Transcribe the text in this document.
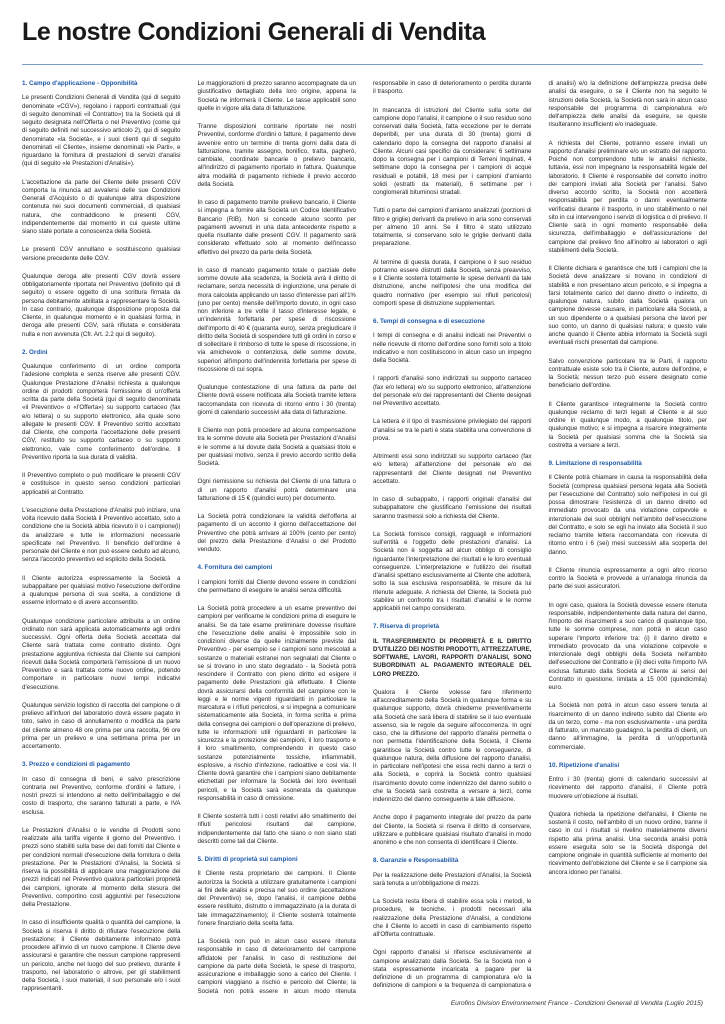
Le nostre Condizioni Generali di Vendita
1. Campo d'applicazione - Opponibilità

Le presenti Condizioni Generali di Vendita (qui di seguito denominate «CGV»), regolano i rapporti contrattuali (qui di seguito denominati «il Contratto») tra la Società qui di seguito designata nell'Offerta o nel Preventivo (come qui di seguito definiti nel successivo articolo 2), qui di seguito denominate «la Società», e i suoi clienti qui di seguito denominati «il Cliente», insieme denominati «le Parti», e riguardano la fornitura di prestazioni di servizi d'analisi (qui di seguito «le Prestazioni d'Analisi»).

L'accettazione da parte del Cliente delle presenti CGV comporta la rinuncia ad avvalersi delle sue Condizioni Generali d'Acquisto o di qualunque altra disposizione contenuta nei suoi documenti commerciali, di qualsiasi natura, che contraddicono le presenti CGV, indipendentemente dal momento in cui queste ultime siano state portate a conoscenza della Società.

Le presenti CGV annullano e sostituiscono qualsiasi versione precedente delle CGV.

Qualunque deroga alle presenti CGV dovrà essere obbligatoriamente riportata nel Preventivo (definito qui di seguito) o essere oggetto di una scrittura firmata da persona debitamente abilitata a rappresentare la Società. In caso contrario, qualunque disposizione proposta dal Cliente, in qualunque momento e in qualsiasi forma, in deroga alle presenti CGV, sarà rifiutata e considerata nulla e non avvenuta (Cfr. Art. 2.2 qui di seguito).

2. Ordini

Qualunque conferimento di un ordine comporta l'adesione completa e senza riserve alle presenti CGV. Qualunque Prestazione d'Analisi richiesta a qualunque ordine di prodotti comporterà l'emissione di un'offerta scritta da parte della Società (qui di seguito denominata «il Preventivo» o «l'Offerta») su supporto cartaceo (fax e/o lettera) o su supporto elettronico, alla quale sono allegate le presenti CGV. Il Preventivo scritto accettato dal Cliente, che comporta l'accettazione delle presenti CGV, restituito su supporto cartaceo o su supporto elettronico, vale come conferimento dell'ordine. Il Preventivo riporta la sua durata di validità.

Il Preventivo completo o può modificare le presenti CGV e costituisce in questo senso condizioni particolari applicabili al Contratto.

L'esecuzione della Prestazione d'Analisi può iniziare, una volta ricevuto dalla Società il Preventivo accettato, solo a condizione che la Società abbia ricevuto il o i campione(i) da analizzare e tutte le informazioni necessarie specificate nel Preventivo. Il beneficio dell'ordine è personale del Cliente e non può essere ceduto ad alcuno, senza l'accordo preventivo ed esplicito della Società.

Il Cliente autorizza espressamente la Società a subappaltare per qualsiasi motivo l'esecuzione dell'ordine a qualunque persona di sua scelta, a condizione di esserne informato e di avere acconsentito.

Qualunque condizione particolare attribuita a un ordine ordinato non sarà applicata automaticamente agli ordini successivi. Ogni offerta della Società accettata dal Cliente sarà trattata come contratto distinto. Ogni prestazione aggiuntiva richiesta dal Cliente sui campioni ricevuti dalla Società comporterà l'emissione di un nuovo Preventivo e sarà trattata come nuovo ordine, potendo comportare in particolare nuovi tempi indicativi d'esecuzione.

Qualunque servizio logistico di raccolta del campione o di prelievo all'infuori del laboratorio dovrà essere pagato in toto, salvo in caso di annullamento o modifica da parte del cliente almeno 48 ore prima per una raccolta, 96 ore prima per un prelievo e una settimana prima per un accertamento.

3. Prezzo e condizioni di pagamento

In caso di consegna di beni, e salvo prescrizione contraria nel Preventivo, conforme d'ordini e fatture, i nostri prezzi si intendono al netto dell'imballaggio e del costo di trasporto, che saranno fatturati a parte, e IVA esclusa.

Le Prestazioni d'Analisi o le vendite di Prodotti sono realizzate alla tariffa vigente il giorno del Preventivo. I prezzi sono stabiliti sulla base dei dati forniti dal Cliente e per condizioni normali d'esecuzione della fornitura o della prestazione. Per le Prestazioni d'Analisi, la Società si riserva la possibilità di applicare una maggiorazione dei prezzi indicati nel Preventivo qualora particolari proprietà dei campioni, ignorate al momento della stesura del Preventivo, comportino costi aggiuntivi per l'esecuzione della Prestazione.

In caso di insufficiente qualità o quantità del campione, la Società si riserva il diritto di rifiutare l'esecuzione della prestazione; il Cliente debitamente informato potrà procedere all'invio di un nuovo campione. Il Cliente deve assicurarsi e garantire che nessun campione rappresenti un pericolo, anche nel luogo del suo prelievo, durante il trasporto, nel laboratorio o altrove, per gli stabilimenti della Società, i suoi materiali, il suo personale e/o i suoi rappresentanti.

Le maggiorazioni di prezzo saranno accompagnate da un giustificativo dettagliato della loro origine, appena la Società ne informerà il Cliente. Le tasse applicabili sono quelle in vigore alla data di fatturazione.

Tranne disposizioni contrarie riportate nei nostri Preventivi, conforme d'ordini o fatture, il pagamento deve avvenire entro un termine di trenta giorni dalla data di fatturazione, tramite assegno, bonifico, tratta, pagherò, cambiale, coordinate bancarie o prelievo bancario, all'indirizzo di pagamento riportato in fattura. Qualunque altra modalità di pagamento richiede il previo accordo della Società.

In caso di pagamento tramite prelievo bancario, il Cliente si impegna a fornire alla Società un Codice Identificativo Bancario (RIB). Non si concede alcuno sconto per pagamenti avvenuti in una data antecedente rispetto a quella risultante dalle presenti CGV. Il pagamento sarà considerato effettuato solo al momento dell'incasso effettivo del prezzo da parte della Società.

In caso di mancato pagamento totale o parziale delle somme dovute alla scadenza, la Società avrà il diritto di reclamare, senza necessità di ingiunzione, una penale di mora calcolata applicando un tasso d'interesse pari all'1% (uno per cento) mensile dell'importo dovuto, in ogni caso non inferiore a tre volte il tasso d'interesse legale, e un'indennità forfettaria per spese di riscossione dell'importo di 40 € (quaranta euro), senza pregiudicare il diritto della Società di sospendere tutti gli ordini in corso e di sollecitare il rimborso di tutte le spese di riscossione, in via amichevole o contenziosa, delle somme dovute, superiori all'importo dell'indennità forfettaria per spese di riscossione di cui sopra.

Qualunque contestazione di una fattura da parte del Cliente dovrà essere notificata alla Società tramite lettera raccomandata con ricevuta di ritorno entro i 30 (trenta) giorni di calendario successivi alla data di fatturazione.

Il Cliente non potrà procedere ad alcuna compensazione tra le somme dovute alla Società per Prestazioni d'Analisi e le somme a lui dovute dalla Società a qualsiasi titolo e per qualsiasi motivo, senza il previo accordo scritto della Società.

Ogni riemissione su richiesta del Cliente di una fattura o di un rapporto d'analisi potrà determinare una fatturazione di 15 € (quindici euro) per documento.

La Società potrà condizionare la validità dell'offerta al pagamento di un acconto il giorno dell'accettazione del Preventivo che potrà arrivare al 100% (cento per cento) del prezzo della Prestazione d'Analisi o del Prodotto venduto.

4. Fornitura dei campioni

I campioni forniti dal Cliente devono essere in condizioni che permettano di eseguire le analisi senza difficoltà.

La Società potrà procedere a un esame preventivo dei campioni per verificarne le condizioni prima di eseguire le analisi. Se da tale esame preliminare dovesse risultare che l'esecuzione delle analisi è impossibile solo in condizioni diverse da quelle inizialmente previste dal Preventivo - per esempio se i campioni sono mescolati a sostanze o materiali estranei non segnalati dal Cliente o se si trovano in uno stato degradato - la Società potrà rescindere il Contratto con pieno diritto ed esigere il pagamento delle Prestazioni già effettuate. Il Cliente dovrà assicurarsi della conformità del campione con le leggi e le norme vigenti riguardanti in particolare la marcatura e i rifiuti pericolosi, e si impegna a comunicare sistematicamente alla Società, in forma scritta e prima della consegna dei campioni o dell'operazione di prelievo, tutte le informazioni utili riguardanti in particolare la sicurezza e la protezione dei campioni, il loro trasporto e il loro smaltimento, comprendendo in questo caso sostanze potenzialmente tossiche, infiammabili, esplosive, a rischio d'infezione, radioattive e così via. Il Cliente dovrà garantire che i campioni siano debitamente etichettati per informare la Società dei loro eventuali pericoli, e la Società sarà esonerata da qualunque responsabilità in caso di omissione.

Il Cliente sosterrà tutti i costi relativi allo smaltimento dei rifiuti pericolosi risultanti dal campione, indipendentemente dal fatto che siano o non siano stati descritti come tali dal Cliente.

5. Diritti di proprietà sui campioni

Il Cliente resta proprietario dei campioni. Il Cliente autorizza la Società a utilizzare gratuitamente i campioni ai fini delle analisi e precisa nel suo ordine (accettazione del Preventivo) se, dopo l'analisi, il campione debba essere restituito, distrutto o immagazzinato (a la durata di tale immagazzinamento); il Cliente sosterrà totalmente l'onere finanziario della scelta fatta.

La Società non può in alcun caso essere ritenuta responsabile in caso di deterioramento del campione affidatole per l'analisi. In caso di restituzione del campione da parte della Società, le spese di trasporto, assicurazione e imballaggio sono a carico del Cliente. I campioni viaggiano a rischio e pericolo del Cliente; la Società non potrà essere in alcun modo ritenuta responsabile in caso di deterioramento o perdita durante il trasporto.

In mancanza di istruzioni del Cliente sulla sorte del campione dopo l'analisi, il campione o il suo residuo sono conservati dalla Società, fatta eccezione per le derrate deperibili, per una durata di 30 (trenta) giorni di calendario dopo la consegna del rapporto d'analisi al Cliente. Alcuni casi specifici da considerare: 6 settimane dopo la consegna per i campioni di Terreni Inquinati, 4 settimane dopo la consegna per i campioni di acque residuali e potabili, 18 mesi per i campioni d'amianto solidi (estratti da materiali), 6 settimane per i conglomerati bituminosi stradali.

Tutti o parte dei campioni d'amianto analizzati (porzioni di filtro e griglie) derivanti da prelievo in aria sono conservati per almeno 10 anni. Se il filtro è stato utilizzato totalmente, si conservano solo le griglie derivanti dalla preparazione.

Al termine di questa durata, il campione o il suo residuo potranno essere distrutti dalla Società, senza preavviso, e il Cliente sosterrà totalmente le spese derivanti da tale distruzione, anche nell'ipotesi che una modifica del quadro normativo (per esempio sui rifiuti pericolosi) comporti spese di distruzione supplementari.

6. Tempi di consegna e di esecuzione

I tempi di consegna e di analisi indicati nei Preventivi o nelle ricevute di ritorno dell'ordine sono forniti solo a titolo indicativo e non costituiscono in alcun caso un impegno della Società.

I rapporti d'analisi sono indirizzati su supporto cartaceo (fax e/o lettera) e/o su supporto elettronico, all'attenzione del personale e/o dei rappresentanti del Cliente designati nel Preventivo accettato.

La lettera è il tipo di trasmissione privilegiato dei rapporti d'analisi se tra le parti è stata stabilita una convenzione di prova.

Altrimenti essi sono indirizzati su supporto cartaceo (fax e/o lettera) all'attenzione del personale e/o dei rappresentanti del Cliente designati nel Preventivo accettato.

In caso di subappalto, i rapporti originali d'analisi del subappaltatore che giustificano l'emissione dei risultati saranno trasmessi solo a richiesta del Cliente.

La Società fornisce consigli, ragguagli e informazioni sull'entità e l'oggetto delle prestazioni d'analisi. La Società non è soggetta ad alcun obbligo di consiglio riguardante l'interpretazione dei risultati e le loro eventuali conseguenze. L'interpretazione e l'utilizzo dei risultati d'analisi spettano esclusivamente al Cliente che adotterà, sotto la sua esclusiva responsabilità, le misure da lui ritenute adeguate. A richiesta del Cliente, la Società può stabilire un confronto tra i risultati d'analisi e le norme applicabili nel campo considerato.

7. Riserva di proprietà

IL TRASFERIMENTO DI PROPRIETÀ E IL DIRITTO D'UTILIZZO DEI NOSTRI PRODOTTI, ATTREZZATURE, SOFTWARE, LAVORI, RAPPORTI D'ANALISI, SONO SUBORDINATI AL PAGAMENTO INTEGRALE DEL LORO PREZZO.

Qualora il Cliente volesse fare riferimento all'accreditamento della Società in qualunque forma e su qualunque supporto, dovrà chiederne preventivamente alla Società che sarà libera di stabilire se il suo eventuale assenso, sia le regole da seguire all'occorrenza. In ogni caso, che la diffusione del rapporto d'analisi permetta o non permetta l'identificazione della Società, il Cliente garantisce la Società contro tutte le conseguenze, di qualunque natura, della diffusione del rapporto d'analisi, in particolare nell'ipotesi che essa rechi danno a terzi o alla Società, e coprirà la Società contro qualsiasi risarcimento dovuto come indennizzo del danno subito o che la Società sarà costretta a versare a terzi, come indennizzo del danno conseguente a tale diffusione.

Anche dopo il pagamento integrale del prezzo da parte del Cliente, la Società si riserva il diritto di conservare, utilizzare e pubblicare qualsiasi risultato d'analisi in modo anonimo e che non consenta di identificare il Cliente.

8. Garanzie e Responsabilità

Per la realizzazione delle Prestazioni d'Analisi, la Società sarà tenuta a un'obbligazione di mezzi.

La Società resta libera di stabilire essa sola i metodi, le procedure, le tecniche, i prodotti necessari alla realizzazione della Prestazione d'Analisi, a condizione che il Cliente lo accetti in caso di cambiamento rispetto all'Offerta contrattuale.

Ogni rapporto d'analisi si riferisce esclusivamente al campione analizzato dalla Società. Se la Società non è stata espressamente incaricata a pagare per la definizione di un programma di campionatura e/o la definizione di campioni e la frequenza di campionatura e di analisi) e/o la definizione dell'ampiezza precisa delle analisi da eseguire, o se il Cliente non ha seguito le istruzioni della Società, la Società non sarà in alcun caso responsabile del programma di campionatura e/o dell'ampiezza delle analisi da eseguire, se queste risulteranno insufficienti e/o inadeguate.

A richiesta del Cliente, potranno essere inviati un rapporto d'analisi preliminare e/o un estratto del rapporto. Poiché non comprendono tutte le analisi richieste, tuttavia, essi non impegnano la responsabilità legale del laboratorio. Il Cliente è responsabile del corretto inoltro dei campioni inviati alla Società per l'analisi. Salvo diverso accordo scritto, la Società non accetterà responsabilità per perdita o danni eventualmente verificatisi durante il trasporto, in uno stabilimento o nel sito in cui intervengono i servizi di logistica o di prelievo. Il Cliente sarà in ogni momento responsabile della sicurezza, dell'imballaggio e dell'assicurazione del campione dal prelievo fino all'inoltro ai laboratori o agli stabilimenti della Società.

Il Cliente dichiara e garantisce che tutti i campioni che la Società deve analizzare si trovano in condizioni di stabilità e non presentano alcun pericolo, e si impegna a farsi totalmente carico del danno diretto o indiretto, di qualunque natura, subito dalla Società qualora un campione dovesse causare, in particolare alla Società, a un suo dipendente o a qualsiasi persona che lavori per suo conto, un danno di qualsiasi natura; e questo vale anche quando il Cliente abbia informato la Società sugli eventuali rischi presentati dal campione.

Salvo convenzione particolare tra le Parti, il rapporto contrattuale esiste solo tra il Cliente, autore dell'ordine, e la Società; nessun terzo può essere designato come beneficiario dell'ordine.

Il Cliente garantisce integralmente la Società contro qualunque reclamo di terzi legati al Cliente e al suo ordine in qualunque modo, a qualunque titolo, per qualunque motivo; e si impegna a risarcire integralmente la Società per qualsiasi somma che la Società sia costretta a versare a terzi.

9. Limitazione di responsabilità

Il Cliente potrà chiamare in causa la responsabilità della Società (compresa qualsiasi persona legata alla Società per l'esecuzione del Contratto) solo nell'ipotesi in cui gli possa dimostrare l'esistenza di un danno diretto ed immediato provocato da una violazione colpevole e intenzionale dei suoi obblighi nell'ambito dell'esecuzione del Contratto, e solo se egli ha inviato alla Società il suo reclamo tramite lettera raccomandata con ricevuta di ritorno entro i 6 (sei) mesi successivi alla scoperta del danno.

Il Cliente rinuncia espressamente a ogni altro ricorso contro la Società e provvede a un'analoga rinuncia da parte dei suoi assicuratori.

In ogni caso, qualora la Società dovesse essere ritenuta responsabile, indipendentemente dalla natura del danno, l'importo dei risarcimenti a suo carico di qualunque tipo, tutte le somme comprese, non potrà in alcun caso superare l'importo inferiore tra: (i) il danno diretto e immediato provocato da una violazione colpevole e intenzionale degli obblighi della Società nell'ambito dell'esecuzione del Contratto e (ii) dieci volte l'importo IVA esclusa fatturato dalla Società al Cliente ai sensi del Contratto in questione, limitata a 15 000 (quindicimila) euro.

La Società non potrà in alcun caso essere tenuta al risarcimento di un danno indiretto subito dal Cliente e/o da un terzo, come - ma non esclusivamente - una perdita di fatturato, un mancato guadagno, la perdita di clienti, un danno all'immagine, la perdita di un'opportunità commerciale.

10. Ripetizione d'analisi

Entro i 30 (trenta) giorni di calendario successivi al ricevimento del rapporto d'analisi, il Cliente potrà muovere un'obiezione ai risultati.

Qualora richieda la ripetizione dell'analisi, il Cliente ne sosterrà il costo, nell'ambito di un nuovo ordine, tranne il caso in cui i risultati si rivelino materialmente diversi rispetto alla prima analisi. Una seconda analisi potrà essere eseguita solo se la Società disponga del campione originale in quantità sufficiente al momento del ricevimento dell'obiezione del Cliente e se il campione sia ancora idoneo per l'analisi.

Eurofins Division Environnement France - Condizioni Generali di Vendita (Luglio 2015)
